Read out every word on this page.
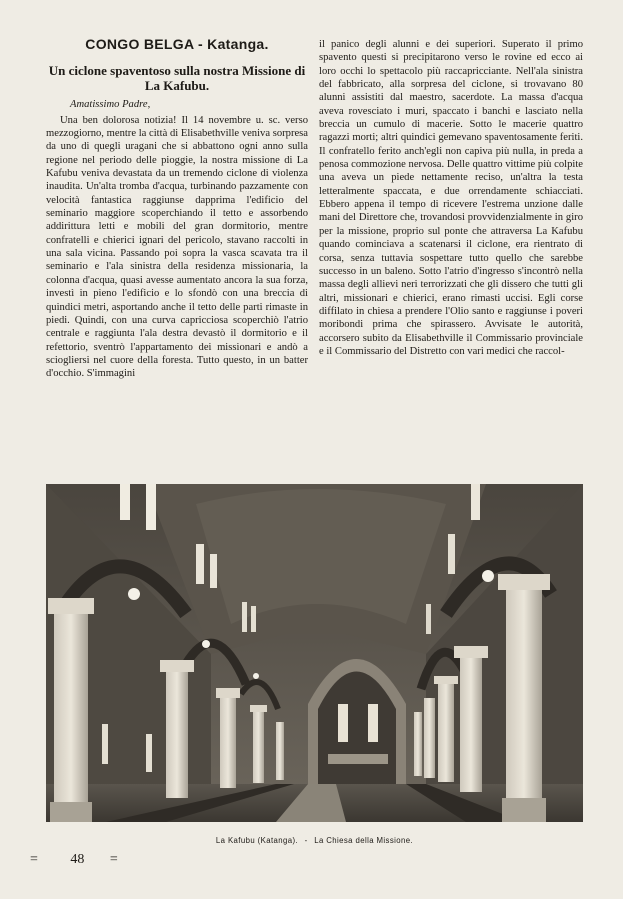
CONGO BELGA - Katanga.
Un ciclone spaventoso sulla nostra Missione di La Kafubu.
Amatissimo Padre,

Una ben dolorosa notizia! Il 14 novembre u. sc. verso mezzogiorno, mentre la città di Elisabethville veniva sorpresa da uno di quegli uragani che si abbattono ogni anno sulla regione nel periodo delle pioggie, la nostra missione di La Kafubu veniva devastata da un tremendo ciclone di violenza inaudita. Un'alta tromba d'acqua, turbinando pazzamente con velocità fantastica raggiunse dapprima l'edificio del seminario maggiore scoperchiando il tetto e assorbendo addirittura letti e mobili del gran dormitorio, mentre confratelli e chierici ignari del pericolo, stavano raccolti in una sala vicina. Passando poi sopra la vasca scavata tra il seminario e l'ala sinistra della residenza missionaria, la colonna d'acqua, quasi avesse aumentato ancora la sua forza, investì in pieno l'edificio e lo sfondò con una breccia di quindici metri, asportando anche il tetto delle parti rimaste in piedi. Quindi, con una curva capricciosa scoperchiò l'atrio centrale e raggiunta l'ala destra devastò il dormitorio e il refettorio, sventrò l'appartamento dei missionari e andò a sciogliersi nel cuore della foresta. Tutto questo, in un batter d'occhio. S'immagini

il panico degli alunni e dei superiori. Superato il primo spavento questi si precipitarono verso le rovine ed ecco ai loro occhi lo spettacolo più raccapricciante. Nell'ala sinistra del fabbricato, alla sorpresa del ciclone, si trovavano 80 alunni assistiti dal maestro, sacerdote. La massa d'acqua aveva rovesciato i muri, spaccato i banchi e lasciato nella breccia un cumulo di macerie. Sotto le macerie quattro ragazzi morti; altri quindici gemevano spaventosamente feriti. Il confratello ferito anch'egli non capiva più nulla, in preda a penosa commozione nervosa. Delle quattro vittime più colpite una aveva un piede nettamente reciso, un'altra la testa letteralmente spaccata, e due orrendamente schiacciati. Ebbero appena il tempo di ricevere l'estrema unzione dalle mani del Direttore che, trovandosi provvidenzialmente in giro per la missione, proprio sul ponte che attraversa La Kafubu quando cominciava a scatenarsi il ciclone, era rientrato di corsa, senza tuttavia sospettare tutto quello che sarebbe successo in un baleno. Sotto l'atrio d'ingresso s'incontrò nella massa degli allievi neri terrorizzati che gli dissero che tutti gli altri, missionari e chierici, erano rimasti uccisi. Egli corse diffilato in chiesa a prendere l'Olio santo e raggiunse i poveri moribondi prima che spirassero. Avvisate le autorità, accorsero subito da Elisabethville il Commissario provinciale e il Commissario del Distretto con vari medici che raccol-

La Kafubu (Katanga). - La Chiesa della Missione.
= 48 =
